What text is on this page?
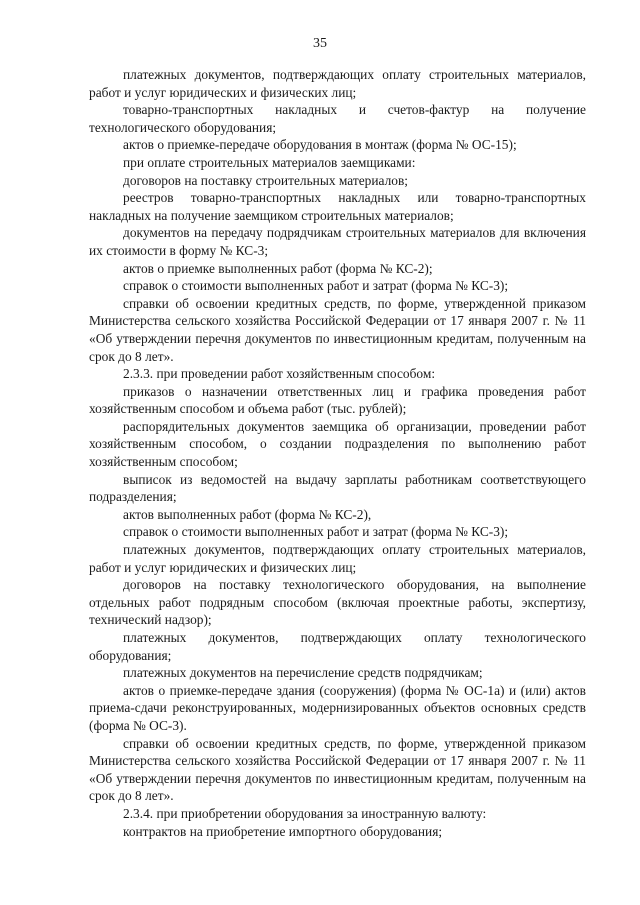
35

платежных документов, подтверждающих оплату строительных материалов, работ и услуг юридических и физических лиц;

товарно-транспортных накладных и счетов-фактур на получение технологического оборудования;

актов о приемке-передаче оборудования в монтаж (форма № ОС-15);

при оплате строительных материалов заемщиками:

договоров на поставку строительных материалов;

реестров товарно-транспортных накладных или товарно-транспортных накладных на получение заемщиком строительных материалов;

документов на передачу подрядчикам строительных материалов для включения их стоимости в форму № КС-3;

актов о приемке выполненных работ (форма № КС-2);

справок о стоимости выполненных работ и затрат (форма № КС-3);

справки об освоении кредитных средств, по форме, утвержденной приказом Министерства сельского хозяйства Российской Федерации от 17 января 2007 г. № 11 «Об утверждении перечня документов по инвестиционным кредитам, полученным на срок до 8 лет».

2.3.3. при проведении работ хозяйственным способом:

приказов о назначении ответственных лиц и графика проведения работ хозяйственным способом и объема работ (тыс. рублей);

распорядительных документов заемщика об организации, проведении работ хозяйственным способом, о создании подразделения по выполнению работ хозяйственным способом;

выписок из ведомостей на выдачу зарплаты работникам соответствующего подразделения;

актов выполненных работ (форма № КС-2),

справок о стоимости выполненных работ и затрат (форма № КС-3);

платежных документов, подтверждающих оплату строительных материалов, работ и услуг юридических и физических лиц;

договоров на поставку технологического оборудования, на выполнение отдельных работ подрядным способом (включая проектные работы, экспертизу, технический надзор);

платежных документов, подтверждающих оплату технологического оборудования;

платежных документов на перечисление средств подрядчикам;

актов о приемке-передаче здания (сооружения) (форма № ОС-1а) и (или) актов приема-сдачи реконструированных, модернизированных объектов основных средств (форма № ОС-3).

справки об освоении кредитных средств, по форме, утвержденной приказом Министерства сельского хозяйства Российской Федерации от 17 января 2007 г. № 11 «Об утверждении перечня документов по инвестиционным кредитам, полученным на срок до 8 лет».

2.3.4. при приобретении оборудования за иностранную валюту:

контрактов на приобретение импортного оборудования;
